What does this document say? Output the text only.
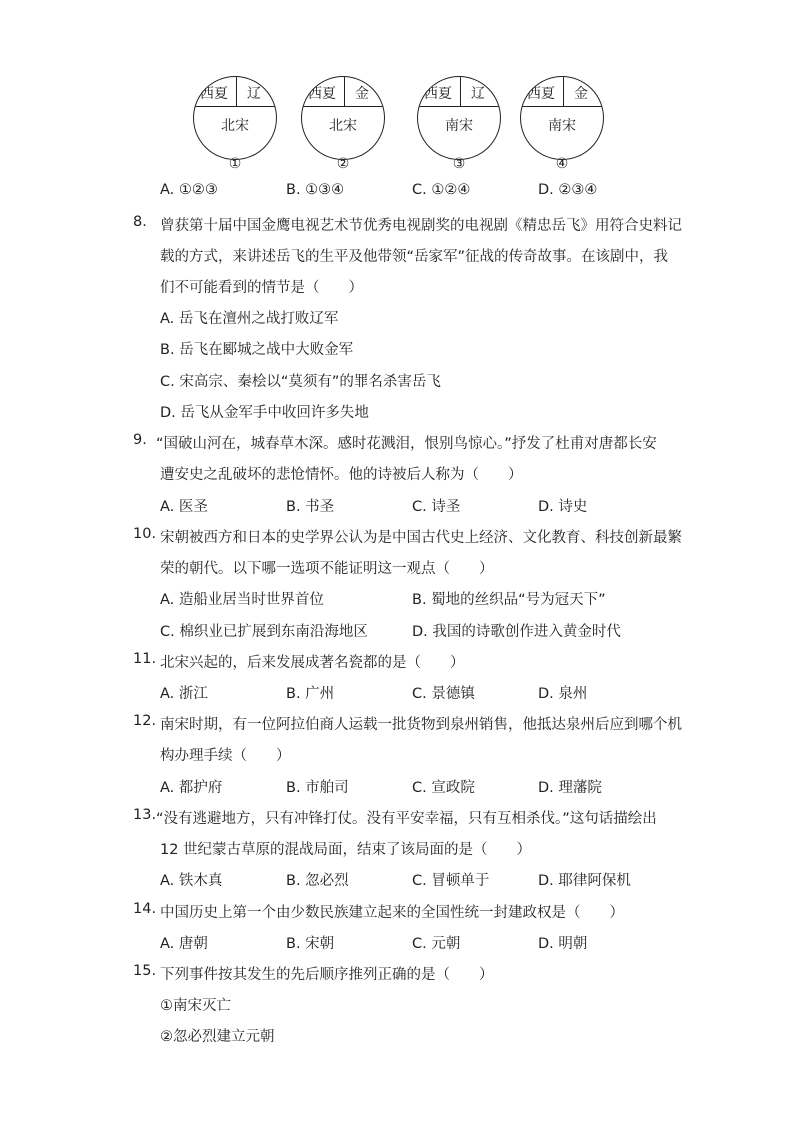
西夏 辽
北宋
西夏 金
北宋
西夏 辽
南宋
西夏 金
南宋
①	②	③	④
A. ①②③	B. ①③④	C. ①②④	D. ②③④
8. 曾获第十届中国金鹰电视艺术节优秀电视剧奖的电视剧《精忠岳飞》用符合史料记
载的方式，来讲述岳飞的生平及他带领“岳家军”征战的传奇故事。在该剧中，我
们不可能看到的情节是（　　）
A. 岳飞在澶州之战打败辽军
B. 岳飞在郾城之战中大败金军
C. 宋高宗、秦桧以“莫须有”的罪名杀害岳飞
D. 岳飞从金军手中收回许多失地
9. “国破山河在，城春草木深。感时花溅泪，恨别鸟惊心。”抒发了杜甫对唐都长安
遭安史之乱破坏的悲怆情怀。他的诗被后人称为（　　）
A. 医圣	B. 书圣	C. 诗圣	D. 诗史
10. 宋朝被西方和日本的史学界公认为是中国古代史上经济、文化教育、科技创新最繁
荣的朝代。以下哪一选项不能证明这一观点（　　）
A. 造船业居当时世界首位	B. 蜀地的丝织品“号为冠天下”
C. 棉织业已扩展到东南沿海地区	D. 我国的诗歌创作进入黄金时代
11. 北宋兴起的，后来发展成著名瓷都的是（　　）
A. 浙江	B. 广州	C. 景德镇	D. 泉州
12. 南宋时期，有一位阿拉伯商人运载一批货物到泉州销售，他抵达泉州后应到哪个机
构办理手续（　　）
A. 都护府	B. 市舶司	C. 宣政院	D. 理藩院
13. “没有逃避地方，只有冲锋打仗。没有平安幸福，只有互相杀伐。”这句话描绘出
12 世纪蒙古草原的混战局面，结束了该局面的是（　　）
A. 铁木真	B. 忽必烈	C. 冒顿单于	D. 耶律阿保机
14. 中国历史上第一个由少数民族建立起来的全国性统一封建政权是（　　）
A. 唐朝	B. 宋朝	C. 元朝	D. 明朝
15. 下列事件按其发生的先后顺序推列正确的是（　　）
①南宋灭亡
②忽必烈建立元朝
